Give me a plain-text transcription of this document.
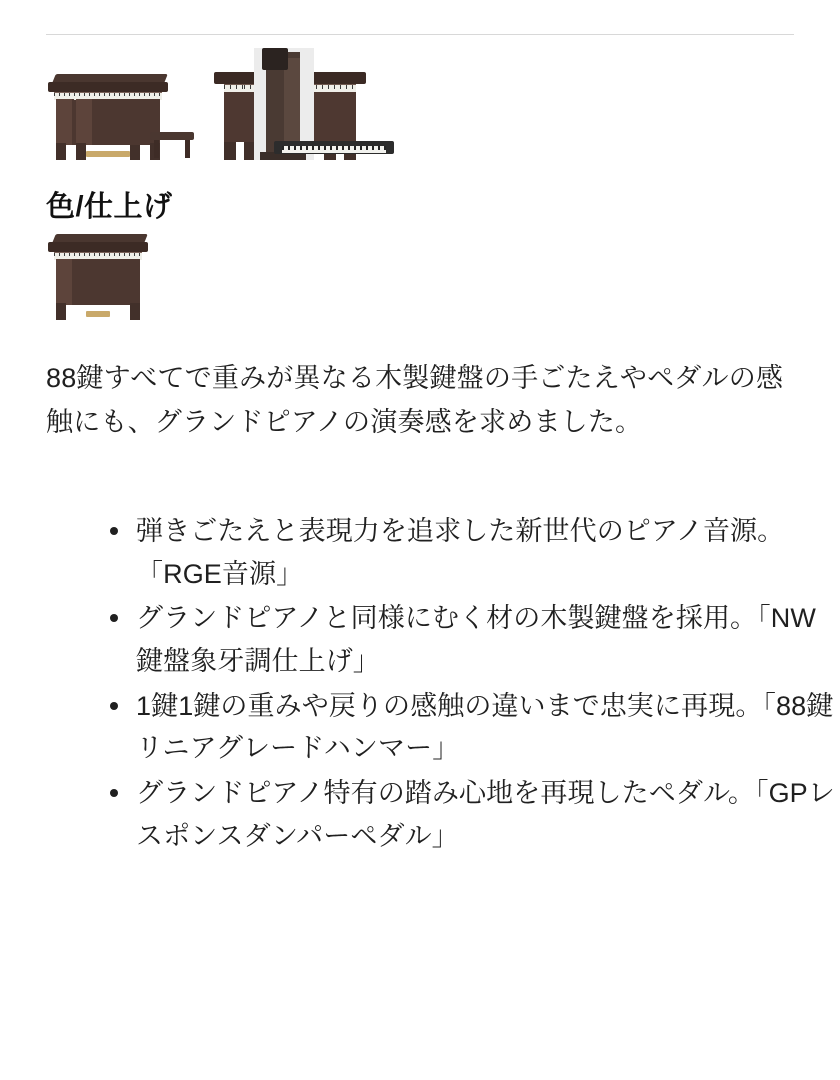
色/仕上げ

88鍵すべてで重みが異なる木製鍵盤の手ごたえやペダルの感触にも、グランドピアノの演奏感を求めました。

弾きごたえと表現力を追求した新世代のピアノ音源。「RGE音源」
グランドピアノと同様にむく材の木製鍵盤を採用。「NW鍵盤象牙調仕上げ」
1鍵1鍵の重みや戻りの感触の違いまで忠実に再現。「88鍵リニアグレードハンマー」
グランドピアノ特有の踏み心地を再現したペダル。「GPレスポンスダンパーペダル」
